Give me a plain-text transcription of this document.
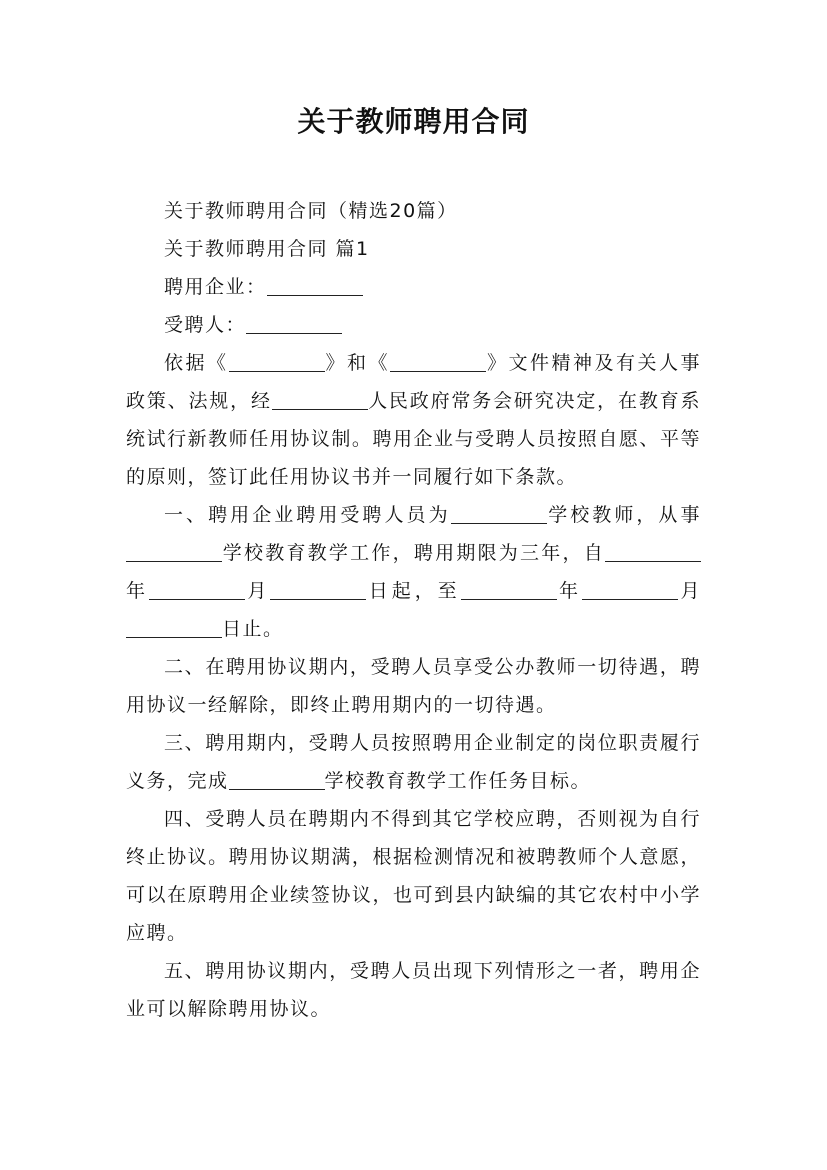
关于教师聘用合同

关于教师聘用合同（精选20篇）

关于教师聘用合同 篇1

聘用企业：

受聘人：

依据《	》和《	》文件精神及有关人事政策、法规，经	人民政府常务会研究决定，在教育系统试行新教师任用协议制。聘用企业与受聘人员按照自愿、平等的原则，签订此任用协议书并一同履行如下条款。

一、聘用企业聘用受聘人员为	学校教师，从事学校教育教学工作，聘用期限为三年，自年	月	日起，至	年	月日止。

二、在聘用协议期内，受聘人员享受公办教师一切待遇，聘用协议一经解除，即终止聘用期内的一切待遇。

三、聘用期内，受聘人员按照聘用企业制定的岗位职责履行义务，完成	学校教育教学工作任务目标。

四、受聘人员在聘期内不得到其它学校应聘，否则视为自行终止协议。聘用协议期满，根据检测情况和被聘教师个人意愿，可以在原聘用企业续签协议，也可到县内缺编的其它农村中小学应聘。

五、聘用协议期内，受聘人员出现下列情形之一者，聘用企业可以解除聘用协议。
